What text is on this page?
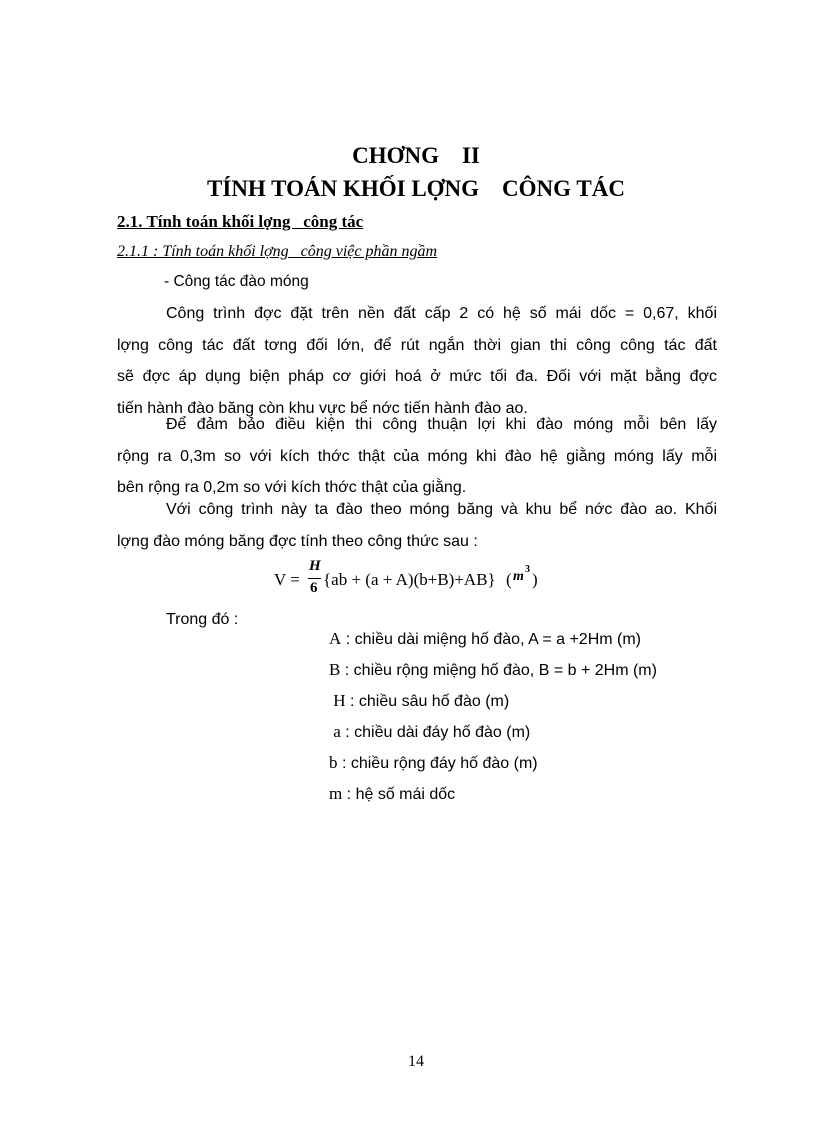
CHƠNG    II
TÍNH TOÁN KHỐI LỢNG    CÔNG TÁC
2.1. Tính toán khối lợng   công tác
2.1.1 : Tính toán khối lợng   công việc phần ngầm
- Công tác đào móng
Công trình đợc đặt trên nền đất cấp 2 có hệ số mái dốc = 0,67, khối
lợng công tác đất tơng đối lớn, để rút ngắn thời gian thi công công tác đất
sẽ đợc áp dụng biện pháp cơ giới hoá ở mức tối đa. Đối với mặt bằng đợc
tiến hành đào băng còn khu vực bể nớc tiến hành đào ao.
Để đảm bảo điều kiện thi công thuận lợi khi đào móng mỗi bên lấy
rộng ra 0,3m so với kích thớc thật của móng khi đào hệ giằng móng lấy mỗi
bên rộng ra 0,2m so với kích thớc thật của giằng.
Với công trình này ta đào theo móng băng và khu bể nớc đào ao. Khối
lợng đào móng băng đợc tính theo công thức sau :
V =
H
6 {ab + (a + A)(b+B)+AB} ( m 3
)
Trong đó :

A : chiều dài miệng hố đào, A = a +2Hm (m)

B : chiều rộng miệng hố đào, B = b + 2Hm (m)

H : chiều sâu hố đào (m)

a : chiều dài đáy hố đào (m)

b : chiều rộng đáy hố đào (m)

m : hệ số mái dốc

14
